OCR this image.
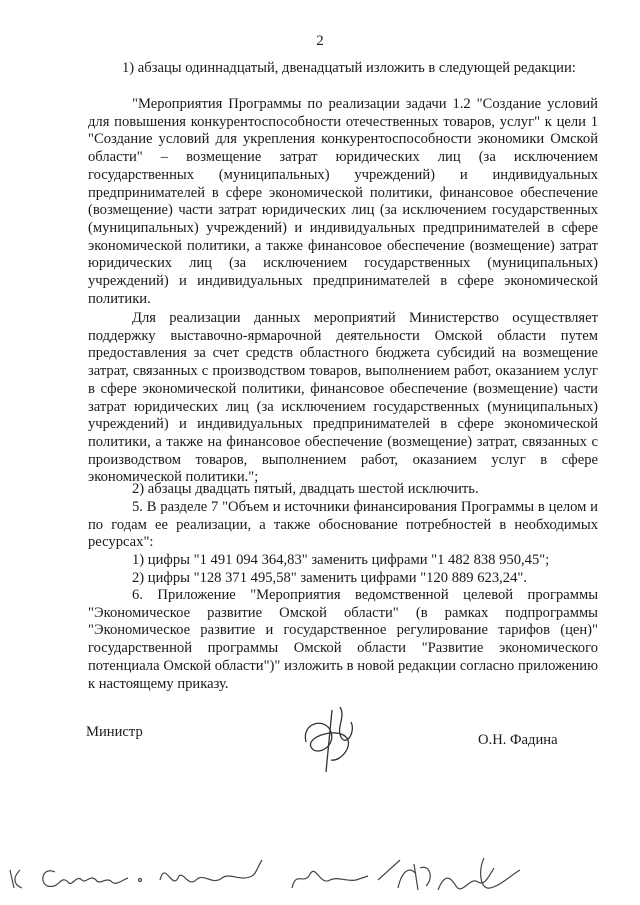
2

1) абзацы одиннадцатый, двенадцатый изложить в следующей редакции:

"Мероприятия Программы по реализации задачи 1.2 "Создание условий для повышения конкурентоспособности отечественных товаров, услуг" к цели 1 "Создание условий для укрепления конкурентоспособности экономики Омской области" – возмещение затрат юридических лиц (за исключением государственных (муниципальных) учреждений) и индивидуальных предпринимателей в сфере экономической политики, финансовое обеспечение (возмещение) части затрат юридических лиц (за исключением государственных (муниципальных) учреждений) и индивидуальных предпринимателей в сфере экономической политики, а также финансовое обеспечение (возмещение) затрат юридических лиц (за исключением государственных (муниципальных) учреждений) и индивидуальных предпринимателей в сфере экономической политики.

Для реализации данных мероприятий Министерство осуществляет поддержку выставочно-ярмарочной деятельности Омской области путем предоставления за счет средств областного бюджета субсидий на возмещение затрат, связанных с производством товаров, выполнением работ, оказанием услуг в сфере экономической политики, финансовое обеспечение (возмещение) части затрат юридических лиц (за исключением государственных (муниципальных) учреждений) и индивидуальных предпринимателей в сфере экономической политики, а также на финансовое обеспечение (возмещение) затрат, связанных с производством товаров, выполнением работ, оказанием услуг в сфере экономической политики.";

2) абзацы двадцать пятый, двадцать шестой исключить.

5. В разделе 7 "Объем и источники финансирования Программы в целом и по годам ее реализации, а также обоснование потребностей в необходимых ресурсах":

1) цифры "1 491 094 364,83" заменить цифрами "1 482 838 950,45";

2) цифры "128 371 495,58" заменить цифрами "120 889 623,24".

6. Приложение "Мероприятия ведомственной целевой программы "Экономическое развитие Омской области" (в рамках подпрограммы "Экономическое развитие и государственное регулирование тарифов (цен)" государственной программы Омской области "Развитие экономического потенциала Омской области")" изложить в новой редакции согласно приложению к настоящему приказу.

Министр	О.Н. Фадина
